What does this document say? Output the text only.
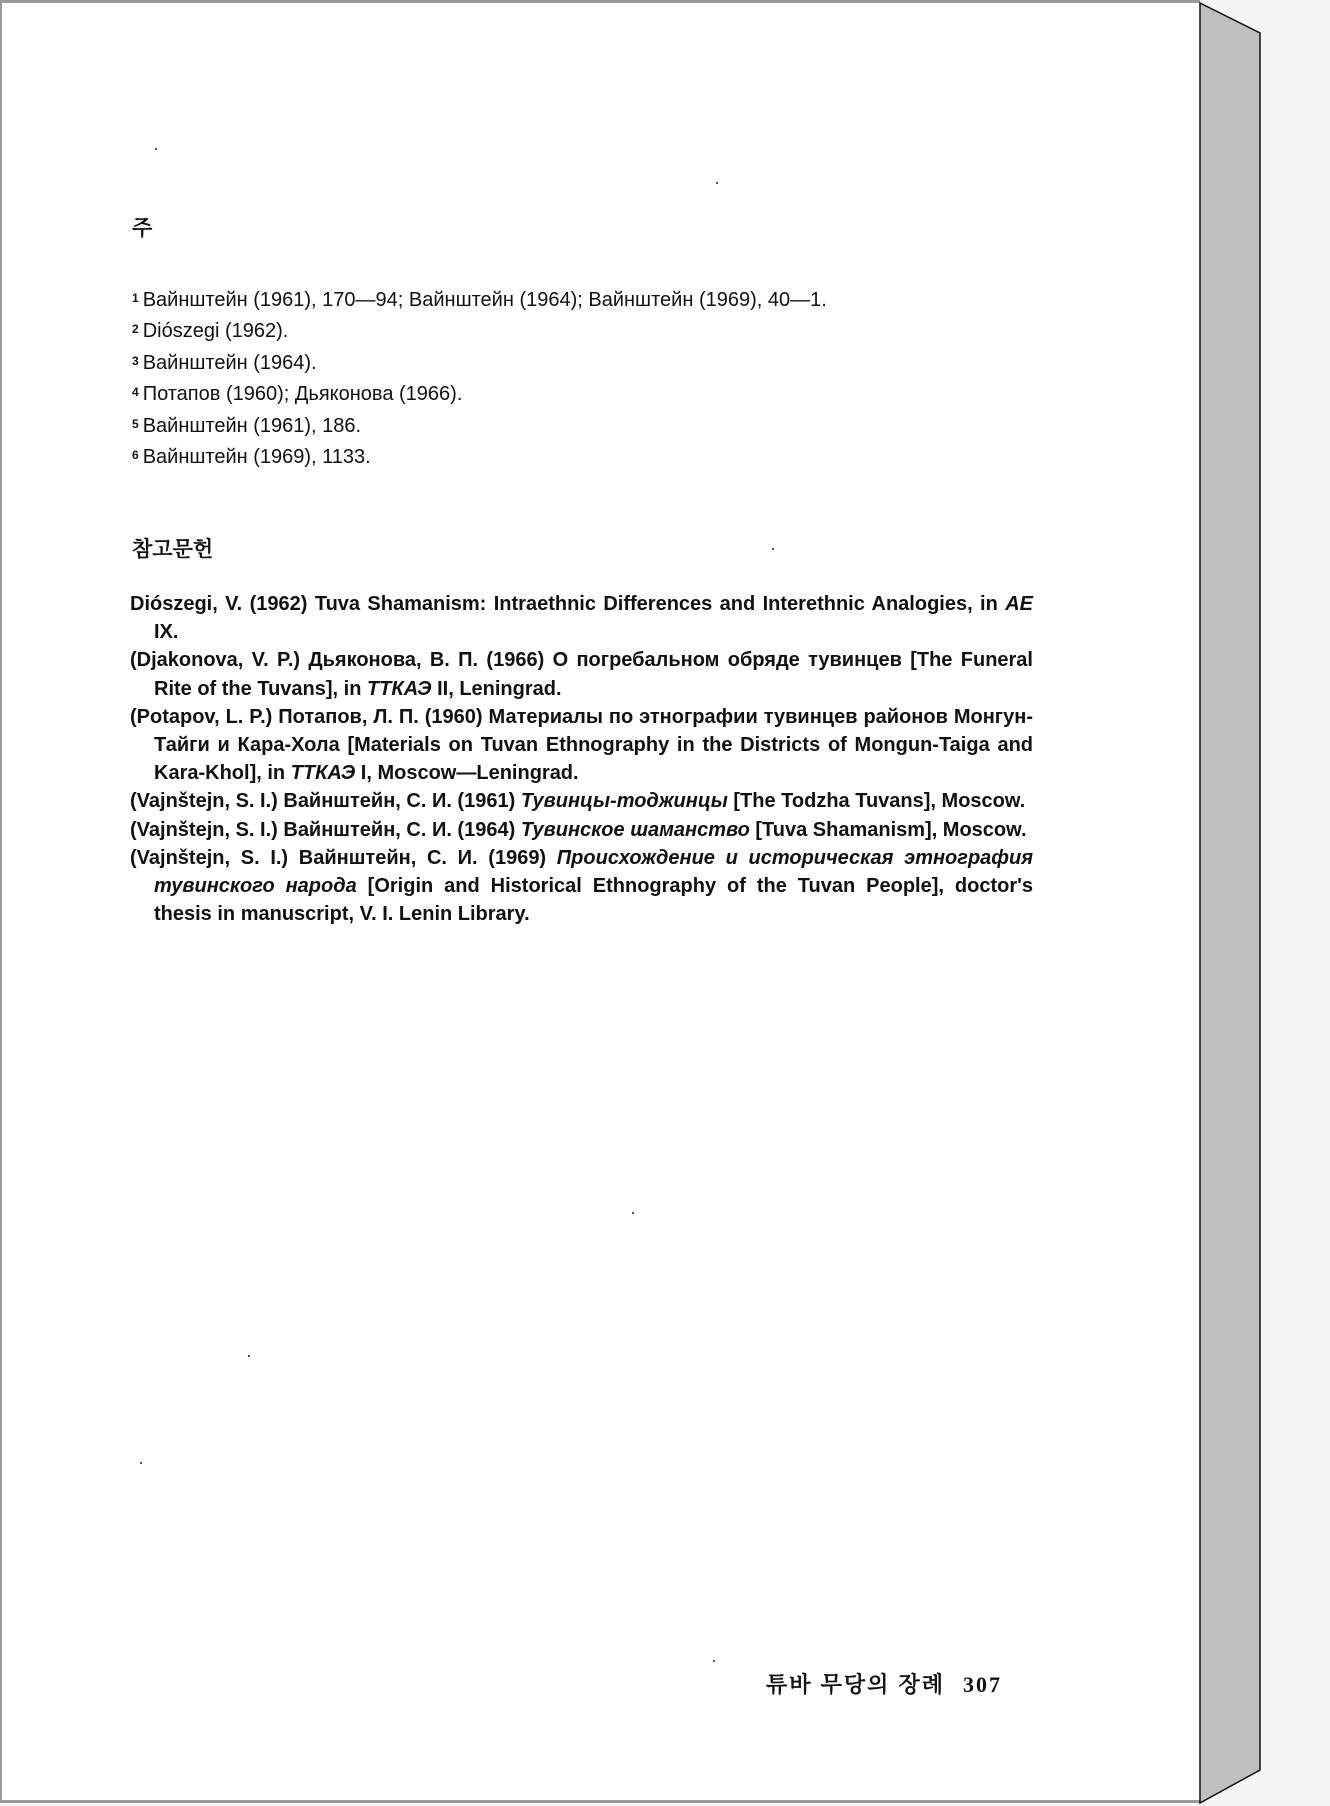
주
$^1$ Вайнштейн (1961), 170—94; Вайнштейн (1964); Вайнштейн (1969), 40—1.
$^2$ Diószegi (1962).
$^3$ Вайнштейн (1964).
$^4$ Потапов (1960); Дьяконова (1966).
$^5$ Вайнштейн (1961), 186.
$^6$ Вайнштейн (1969), 1133.
참고문헌
Diószegi, V. (1962) Tuva Shamanism: Intraethnic Differences and Interethnic Analogies, in AE IX.
(Djakonova, V. P.) Дьяконова, В. П. (1966) О погребальном обряде тувинцев [The Funeral Rite of the Tuvans], in ТТКАЭ II, Leningrad.
(Potapov, L. P.) Потапов, Л. П. (1960) Материалы по этнографии тувинцев районов Монгун-Тайги и Кара-Хола [Materials on Tuvan Ethnography in the Districts of Mongun-Taiga and Kara-Khol], in ТТКАЭ I, Moscow—Leningrad.
(Vajnštejn, S. I.) Вайнштейн, С. И. (1961) Тувинцы-тоджинцы [The Todzha Tuvans], Moscow.
(Vajnštejn, S. I.) Вайнштейн, С. И. (1964) Тувинское шаманство [Tuva Shamanism], Moscow.
(Vajnštejn, S. I.) Вайнштейн, С. И. (1969) Происхождение и историческая этнография тувинского народа [Origin and Historical Ethnography of the Tuvan People], doctor's thesis in manuscript, V. I. Lenin Library.
튜바 무당의 장례 307
